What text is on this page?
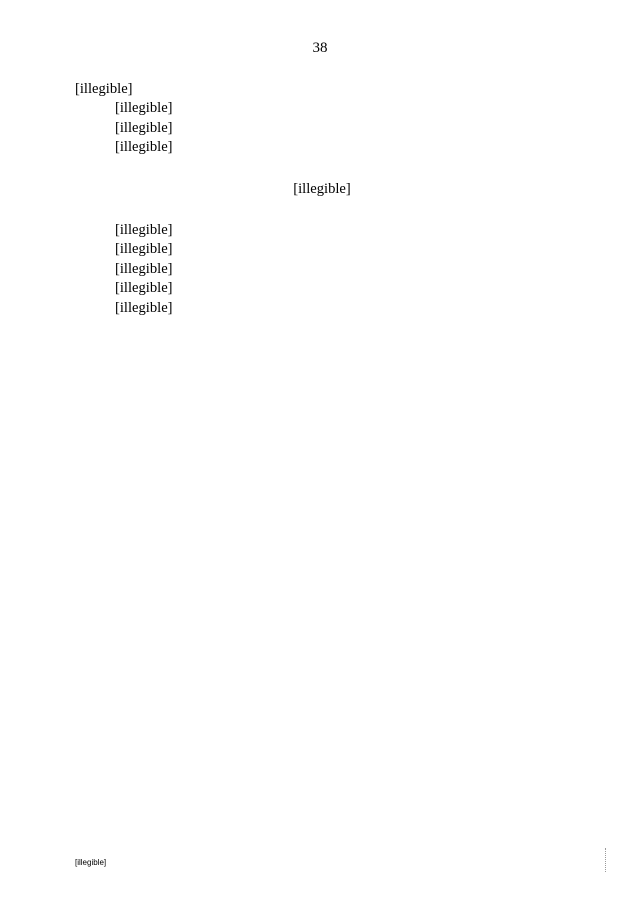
38

[illegible]

[illegible]

[illegible]

[illegible]

[illegible]

[illegible]

[illegible]

[illegible]

[illegible]

[illegible]

[illegible]
